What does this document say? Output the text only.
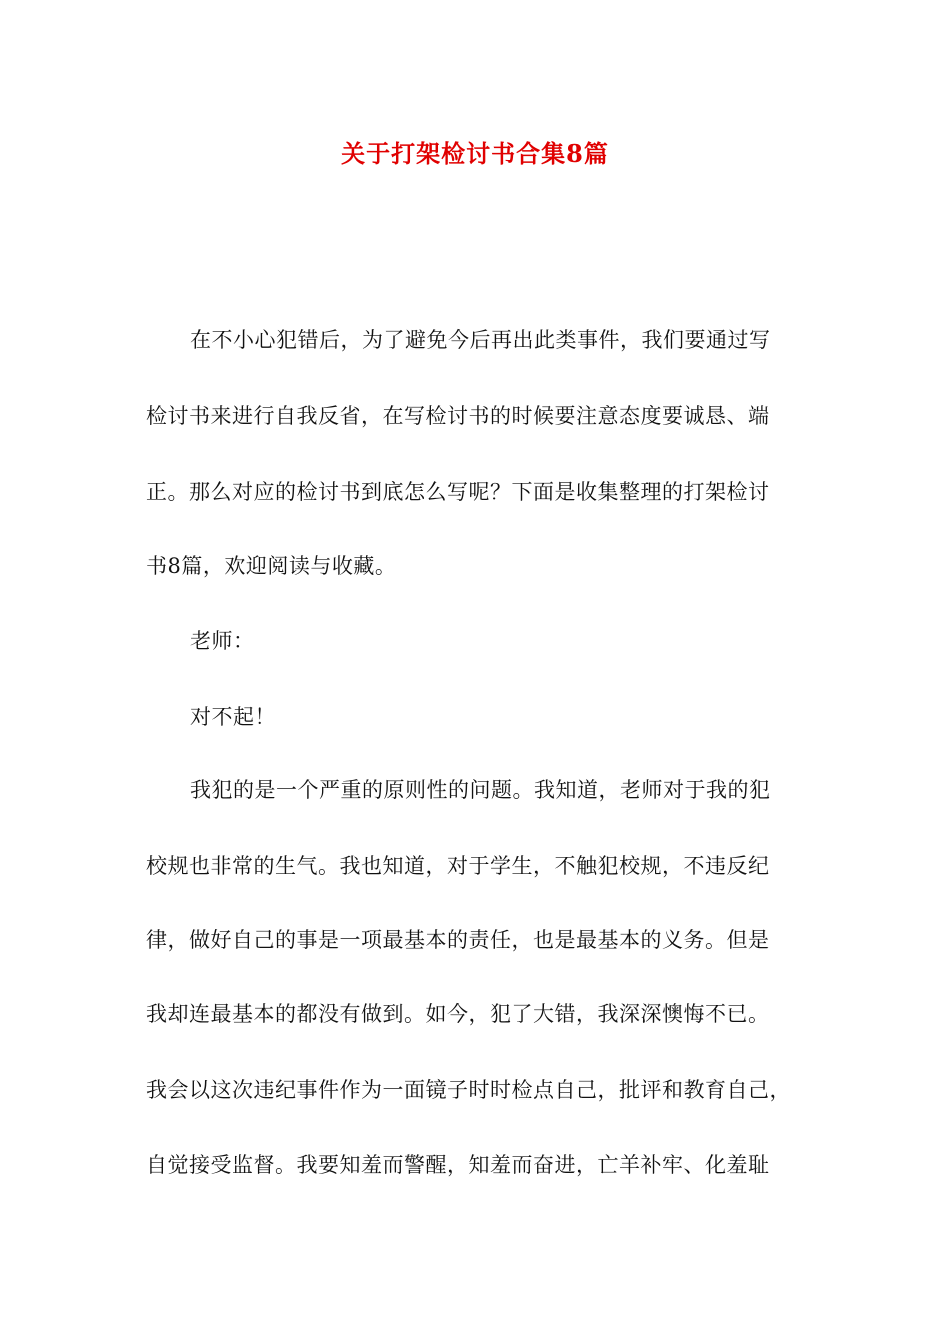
关于打架检讨书合集8篇

在不小心犯错后，为了避免今后再出此类事件，我们要通过写

检讨书来进行自我反省，在写检讨书的时候要注意态度要诚恳、端

正。那么对应的检讨书到底怎么写呢？下面是收集整理的打架检讨

书8篇，欢迎阅读与收藏。

老师：

对不起！

我犯的是一个严重的原则性的问题。我知道，老师对于我的犯

校规也非常的生气。我也知道，对于学生，不触犯校规，不违反纪

律，做好自己的事是一项最基本的责任，也是最基本的义务。但是

我却连最基本的都没有做到。如今，犯了大错，我深深懊悔不已。

我会以这次违纪事件作为一面镜子时时检点自己，批评和教育自己，

自觉接受监督。我要知羞而警醒，知羞而奋进，亡羊补牢、化羞耻
